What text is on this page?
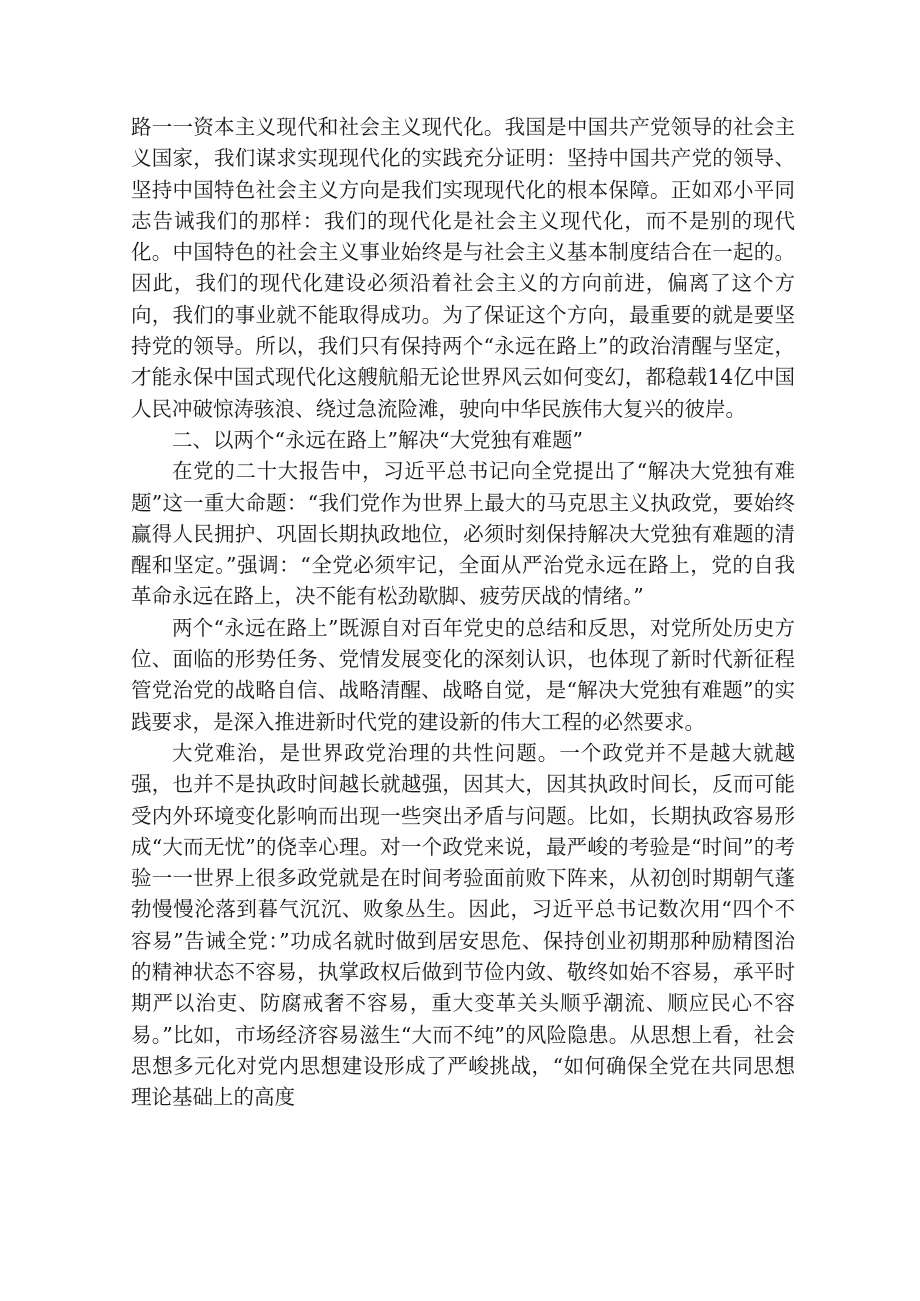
路一一资本主义现代和社会主义现代化。我国是中国共产党领导的社会主义国家，我们谋求实现现代化的实践充分证明：坚持中国共产党的领导、坚持中国特色社会主义方向是我们实现现代化的根本保障。正如邓小平同志告诫我们的那样：我们的现代化是社会主义现代化，而不是别的现代化。中国特色的社会主义事业始终是与社会主义基本制度结合在一起的。因此，我们的现代化建设必须沿着社会主义的方向前进，偏离了这个方向，我们的事业就不能取得成功。为了保证这个方向，最重要的就是要坚持党的领导。所以，我们只有保持两个“永远在路上”的政治清醒与坚定，才能永保中国式现代化这艘航船无论世界风云如何变幻，都稳载14亿中国人民冲破惊涛骇浪、绕过急流险滩，驶向中华民族伟大复兴的彼岸。

二、以两个“永远在路上”解决“大党独有难题”

在党的二十大报告中，习近平总书记向全党提出了“解决大党独有难题”这一重大命题：“我们党作为世界上最大的马克思主义执政党，要始终赢得人民拥护、巩固长期执政地位，必须时刻保持解决大党独有难题的清醒和坚定。”强调：“全党必须牢记，全面从严治党永远在路上，党的自我革命永远在路上，决不能有松劲歇脚、疲劳厌战的情绪。”

两个“永远在路上”既源自对百年党史的总结和反思，对党所处历史方位、面临的形势任务、党情发展变化的深刻认识，也体现了新时代新征程管党治党的战略自信、战略清醒、战略自觉，是“解决大党独有难题”的实践要求，是深入推进新时代党的建设新的伟大工程的必然要求。

大党难治，是世界政党治理的共性问题。一个政党并不是越大就越强，也并不是执政时间越长就越强，因其大，因其执政时间长，反而可能受内外环境变化影响而出现一些突出矛盾与问题。比如，长期执政容易形成“大而无忧”的侥幸心理。对一个政党来说，最严峻的考验是“时间”的考验一一世界上很多政党就是在时间考验面前败下阵来，从初创时期朝气蓬勃慢慢沦落到暮气沉沉、败象丛生。因此，习近平总书记数次用“四个不容易”告诫全党：”功成名就时做到居安思危、保持创业初期那种励精图治的精神状态不容易，执掌政权后做到节俭内敛、敬终如始不容易，承平时期严以治吏、防腐戒奢不容易，重大变革关头顺乎潮流、顺应民心不容易。”比如，市场经济容易滋生“大而不纯”的风险隐患。从思想上看，社会思想多元化对党内思想建设形成了严峻挑战，“如何确保全党在共同思想理论基础上的高度
